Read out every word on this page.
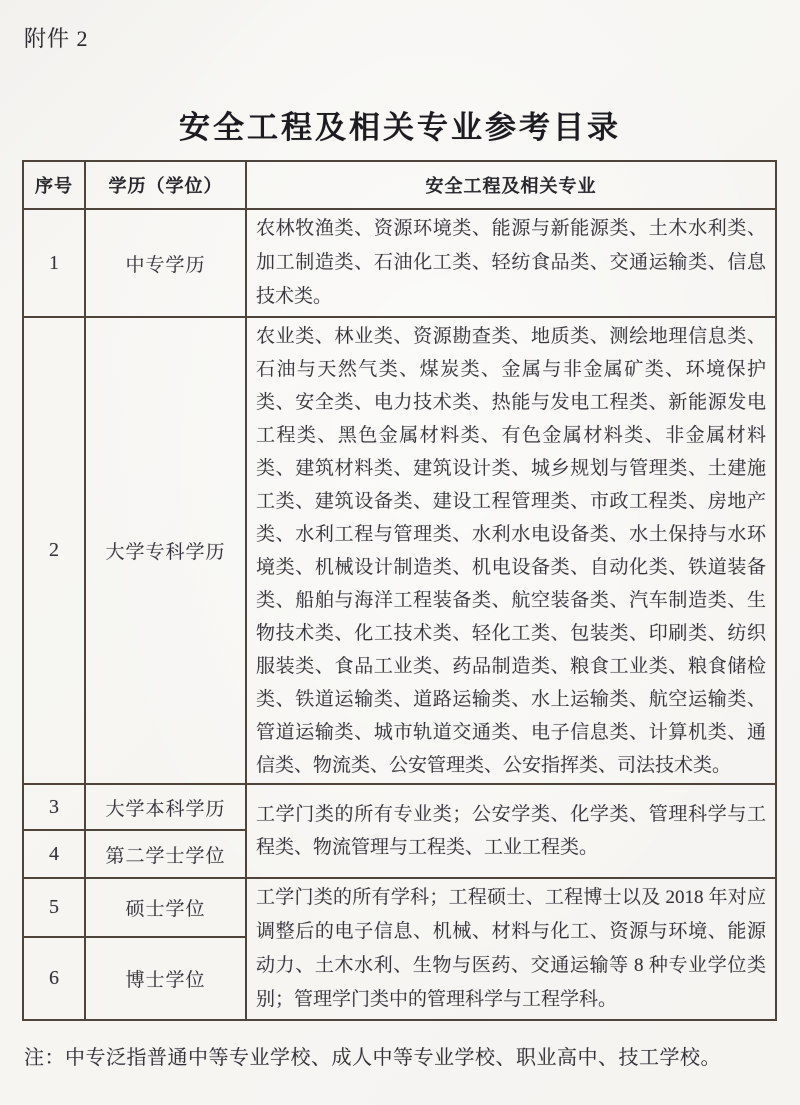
附件 2
安全工程及相关专业参考目录
序号	学历（学位）	安全工程及相关专业
1	中专学历	农林牧渔类、资源环境类、能源与新能源类、土木水利类、加工制造类、石油化工类、轻纺食品类、交通运输类、信息技术类。
2	大学专科学历	农业类、林业类、资源勘查类、地质类、测绘地理信息类、石油与天然气类、煤炭类、金属与非金属矿类、环境保护类、安全类、电力技术类、热能与发电工程类、新能源发电工程类、黑色金属材料类、有色金属材料类、非金属材料类、建筑材料类、建筑设计类、城乡规划与管理类、土建施工类、建筑设备类、建设工程管理类、市政工程类、房地产类、水利工程与管理类、水利水电设备类、水土保持与水环境类、机械设计制造类、机电设备类、自动化类、铁道装备类、船舶与海洋工程装备类、航空装备类、汽车制造类、生物技术类、化工技术类、轻化工类、包装类、印刷类、纺织服装类、食品工业类、药品制造类、粮食工业类、粮食储检类、铁道运输类、道路运输类、水上运输类、航空运输类、管道运输类、城市轨道交通类、电子信息类、计算机类、通信类、物流类、公安管理类、公安指挥类、司法技术类。
3	大学本科学历	工学门类的所有专业类；公安学类、化学类、管理科学与工程类、物流管理与工程类、工业工程类。
4	第二学士学位	
5	硕士学位	工学门类的所有学科；工程硕士、工程博士以及 2018 年对应调整后的电子信息、机械、材料与化工、资源与环境、能源动力、土木水利、生物与医药、交通运输等 8 种专业学位类别；管理学门类中的管理科学与工程学科。
6	博士学位	
注：中专泛指普通中等专业学校、成人中等专业学校、职业高中、技工学校。
